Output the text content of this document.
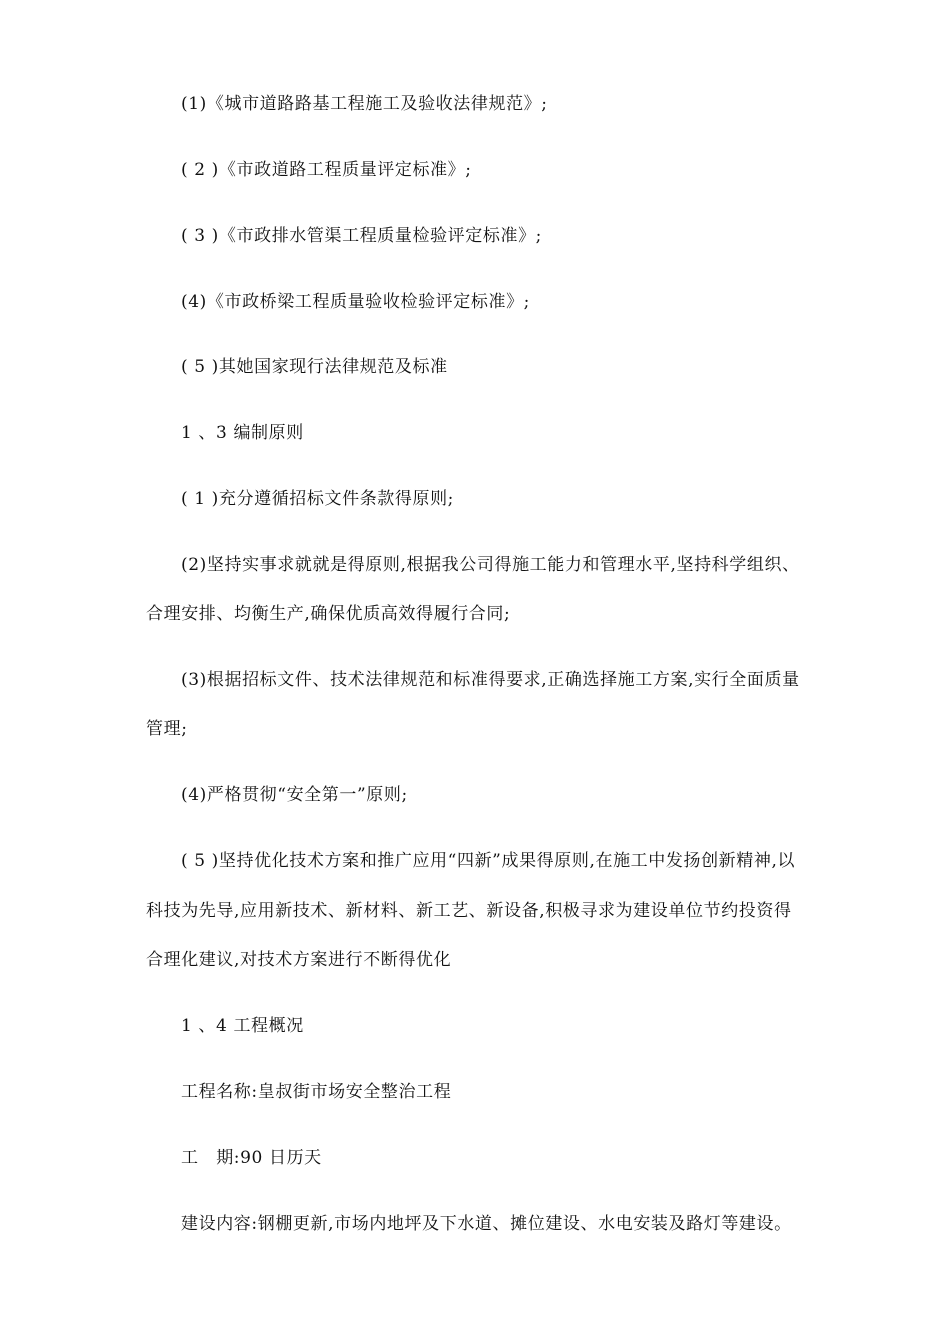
(1)《城市道路路基工程施工及验收法律规范》;
( 2 )《市政道路工程质量评定标准》;
( 3 )《市政排水管渠工程质量检验评定标准》;
(4)《市政桥梁工程质量验收检验评定标准》;
( 5 )其她国家现行法律规范及标准
1 、3 编制原则
( 1 )充分遵循招标文件条款得原则;
(2)坚持实事求就就是得原则,根据我公司得施工能力和管理水平,坚持科学组织、
合理安排、均衡生产,确保优质高效得履行合同;
(3)根据招标文件、技术法律规范和标准得要求,正确选择施工方案,实行全面质量
管理;
(4)严格贯彻“安全第一”原则;
( 5 )坚持优化技术方案和推广应用“四新”成果得原则,在施工中发扬创新精神,以
科技为先导,应用新技术、新材料、新工艺、新设备,积极寻求为建设单位节约投资得
合理化建议,对技术方案进行不断得优化
1 、4 工程概况
工程名称:皇叔街市场安全整治工程
工　期:90 日历天
建设内容:钢棚更新,市场内地坪及下水道、摊位建设、水电安装及路灯等建设。
